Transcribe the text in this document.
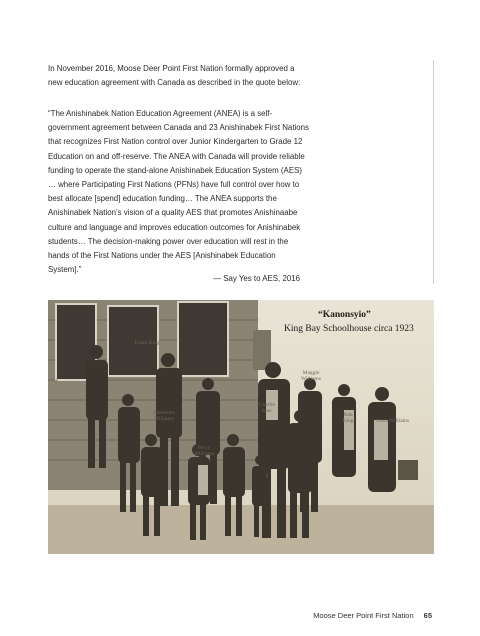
In November 2016, Moose Deer Point First Nation formally approved a new education agreement with Canada as described in the quote below:

“The Anishinabek Nation Education Agreement (ANEA) is a self-government agreement between Canada and 23 Anishinabek First Nations that recognizes First Nation control over Junior Kindergarten to Grade 12 Education on and off-reserve. The ANEA with Canada will provide reliable funding to operate the stand-alone Anishinabek Education System (AES) … where Participating First Nations (PFNs) have full control over how to best allocate [spend] education funding… The ANEA supports the Anishinabek Nation’s vision of a quality AES that promotes Anishinaabe culture and language and improves education outcomes for Anishinabek students… The decision-making power over education will rest in the hands of the First Nations under the AES [Anishinabek Education System].”

— Say Yes to AES, 2016
“Kanonsyio”
King Bay Schoolhouse circa 1923
Frank King
W
Maggie Williams
Lawrence Williams
Charlie Isaac
Lena Williams
Ada King
Percy Williams
S
Moose Deer Point First Nation 65
